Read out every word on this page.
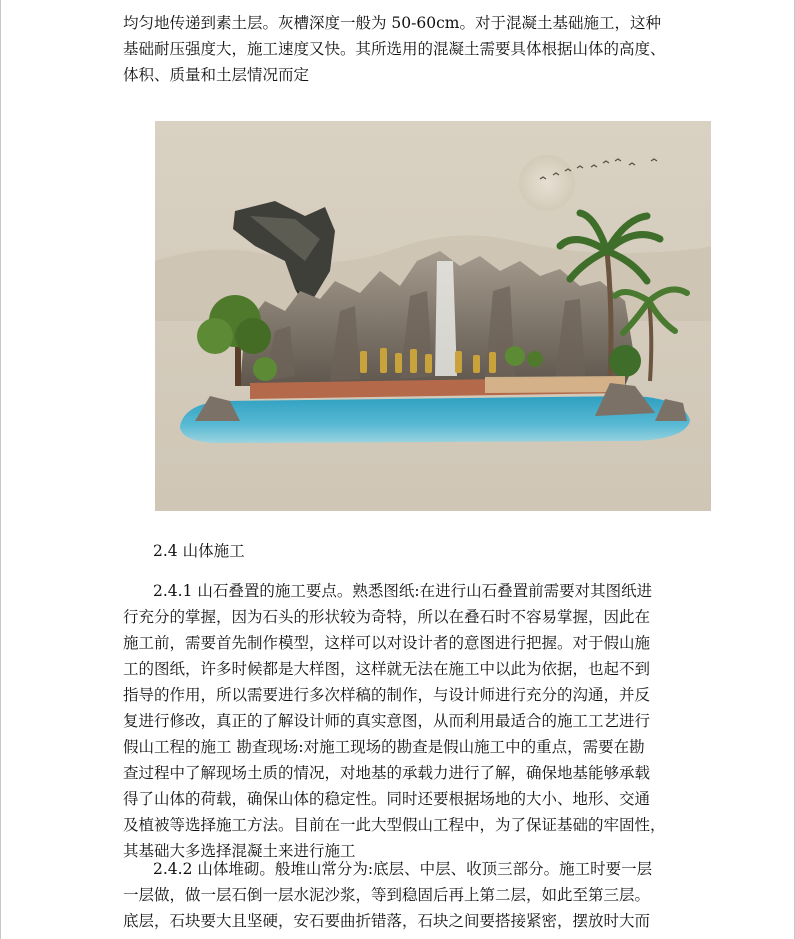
均匀地传递到素土层。灰槽深度一般为 50-60cm。对于混凝土基础施工，这种
基础耐压强度大，施工速度又快。其所选用的混凝土需要具体根据山体的高度、
体积、质量和土层情况而定

2.4 山体施工

2.4.1 山石叠置的施工要点。熟悉图纸:在进行山石叠置前需要对其图纸进
行充分的掌握，因为石头的形状较为奇特，所以在叠石时不容易掌握，因此在
施工前，需要首先制作模型，这样可以对设计者的意图进行把握。对于假山施
工的图纸，许多时候都是大样图，这样就无法在施工中以此为依据，也起不到
指导的作用，所以需要进行多次样稿的制作，与设计师进行充分的沟通，并反
复进行修改，真正的了解设计师的真实意图，从而利用最适合的施工工艺进行
假山工程的施工 勘查现场:对施工现场的勘查是假山施工中的重点，需要在勘
查过程中了解现场土质的情况，对地基的承载力进行了解，确保地基能够承载
得了山体的荷载，确保山体的稳定性。同时还要根据场地的大小、地形、交通
及植被等选择施工方法。目前在一此大型假山工程中，为了保证基础的牢固性，
其基础大多选择混凝土来进行施工
2.4.2 山体堆砌。般堆山常分为:底层、中层、收顶三部分。施工时要一层
一层做，做一层石倒一层水泥沙浆，等到稳固后再上第二层，如此至第三层。
底层，石块要大且坚硬，安石要曲折错落，石块之间要搭接紧密，摆放时大而
